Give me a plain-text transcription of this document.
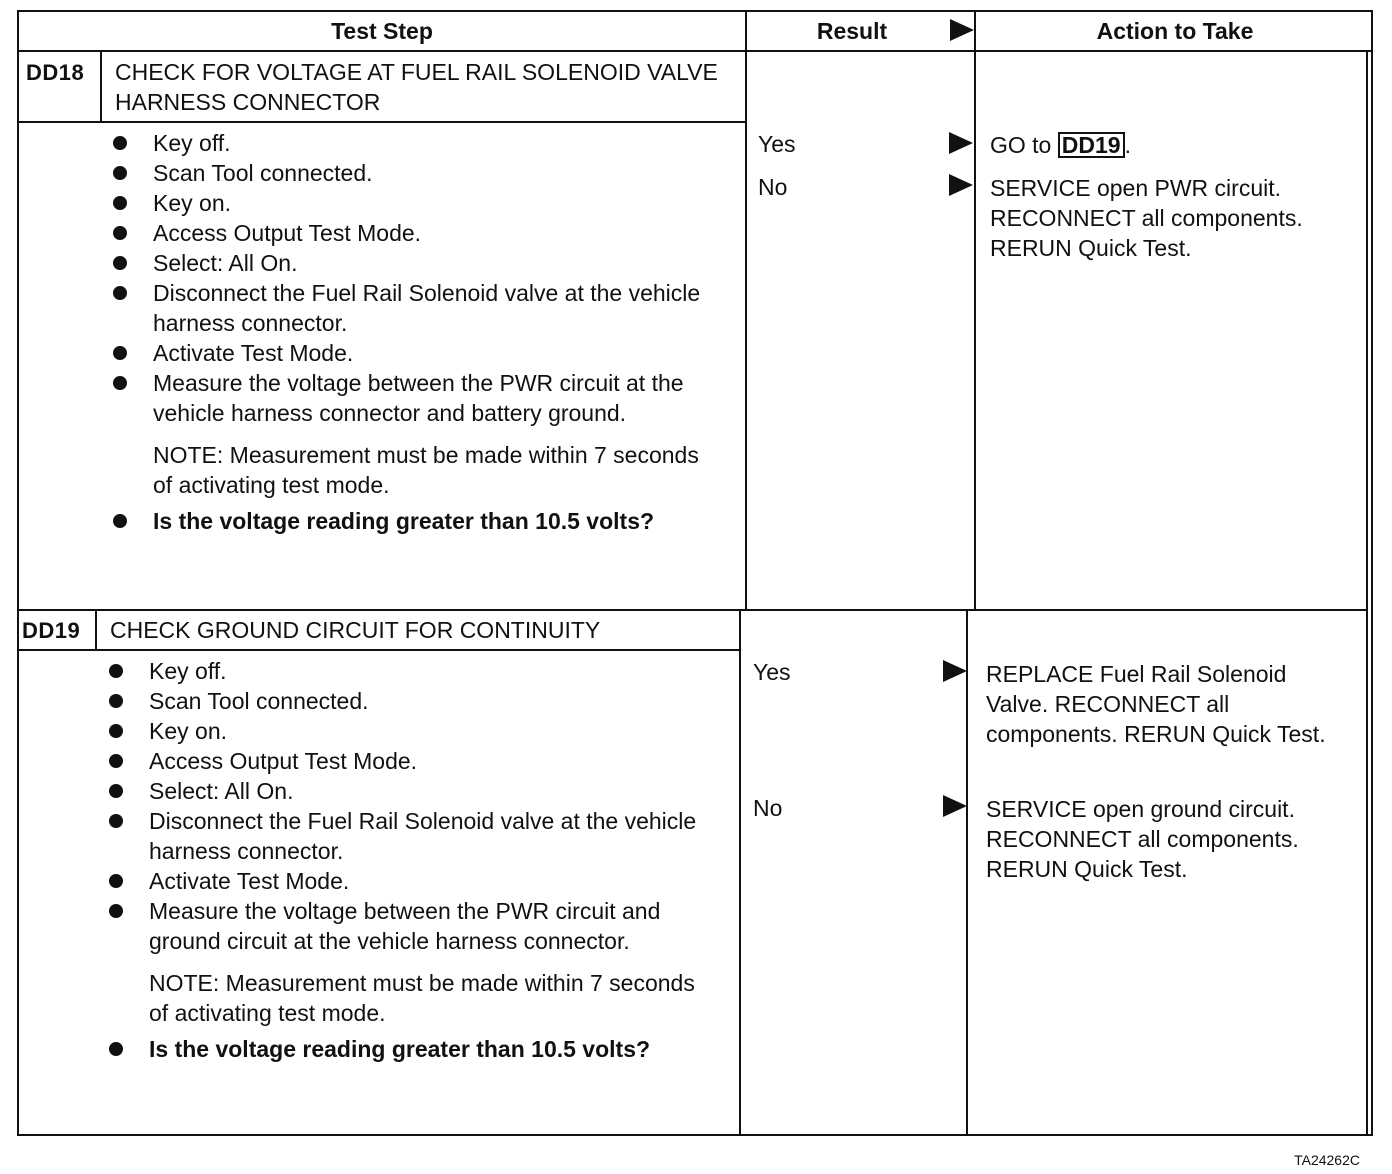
Test Step	Result	Action to Take
DD18 CHECK FOR VOLTAGE AT FUEL RAIL SOLENOID VALVE HARNESS CONNECTOR
Key off.
Scan Tool connected.
Key on.
Access Output Test Mode.
Select: All On.
Disconnect the Fuel Rail Solenoid valve at the vehicle harness connector.
Activate Test Mode.
Measure the voltage between the PWR circuit at the vehicle harness connector and battery ground.
NOTE: Measurement must be made within 7 seconds of activating test mode.
Is the voltage reading greater than 10.5 volts?
Yes
No
GO to DD19 .
SERVICE open PWR circuit. RECONNECT all components. RERUN Quick Test.
DD19 CHECK GROUND CIRCUIT FOR CONTINUITY
Key off.
Scan Tool connected.
Key on.
Access Output Test Mode.
Select: All On.
Disconnect the Fuel Rail Solenoid valve at the vehicle harness connector.
Activate Test Mode.
Measure the voltage between the PWR circuit and ground circuit at the vehicle harness connector.
NOTE: Measurement must be made within 7 seconds of activating test mode.
Is the voltage reading greater than 10.5 volts?
Yes
No
REPLACE Fuel Rail Solenoid Valve. RECONNECT all components. RERUN Quick Test.
SERVICE open ground circuit. RECONNECT all components. RERUN Quick Test.
TA24262C
